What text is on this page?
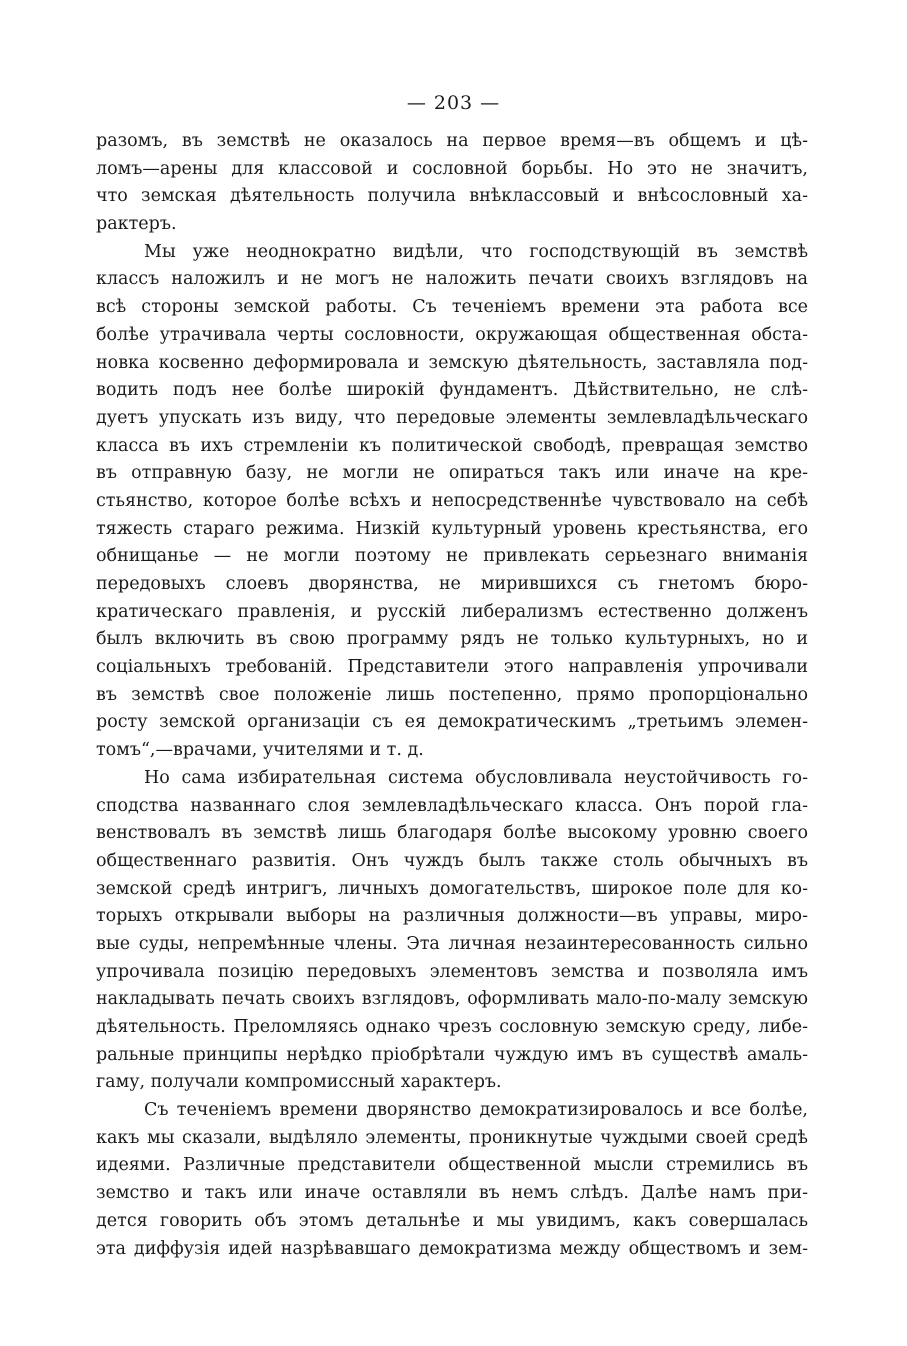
— 203 —
разомъ, въ земствѣ не оказалось на первое время—въ общемъ и цѣ-
ломъ—арены для классовой и сословной борьбы. Но это не значитъ,
что земская дѣятельность получила внѣклассовый и внѣсословный ха-
рактеръ.
Мы уже неоднократно видѣли, что господствующій въ земствѣ
классъ наложилъ и не могъ не наложить печати своихъ взглядовъ на
всѣ стороны земской работы. Съ теченіемъ времени эта работа все
болѣе утрачивала черты сословности, окружающая общественная обста-
новка косвенно деформировала и земскую дѣятельность, заставляла под-
водить подъ нее болѣе широкій фундаментъ. Дѣйствительно, не слѣ-
дуетъ упускать изъ виду, что передовые элементы землевладѣльческаго
класса въ ихъ стремленіи къ политической свободѣ, превращая земство
въ отправную базу, не могли не опираться такъ или иначе на кре-
стьянство, которое болѣе всѣхъ и непосредственнѣе чувствовало на себѣ
тяжесть стараго режима. Низкій культурный уровень крестьянства, его
обнищанье — не могли поэтому не привлекать серьезнаго вниманія
передовыхъ слоевъ дворянства, не мирившихся съ гнетомъ бюро-
кратическаго правленія, и русскій либерализмъ естественно долженъ
былъ включить въ свою программу рядъ не только культурныхъ, но и
соціальныхъ требованій. Представители этого направленія упрочивали
въ земствѣ свое положеніе лишь постепенно, прямо пропорціонально
росту земской организаціи съ ея демократическимъ „третьимъ элемен-
томъ“,—врачами, учителями и т. д.
Но сама избирательная система обусловливала неустойчивость го-
сподства названнаго слоя землевладѣльческаго класса. Онъ порой гла-
венствовалъ въ земствѣ лишь благодаря болѣе высокому уровню своего
общественнаго развитія. Онъ чуждъ былъ также столь обычныхъ въ
земской средѣ интригъ, личныхъ домогательствъ, широкое поле для ко-
торыхъ открывали выборы на различныя должности—въ управы, миро-
вые суды, непремѣнные члены. Эта личная незаинтересованность сильно
упрочивала позицію передовыхъ элементовъ земства и позволяла имъ
накладывать печать своихъ взглядовъ, оформливать мало-по-малу земскую
дѣятельность. Преломляясь однако чрезъ сословную земскую среду, либе-
ральные принципы нерѣдко пріобрѣтали чуждую имъ въ существѣ амаль-
гаму, получали компромиссный характеръ.
Съ теченіемъ времени дворянство демократизировалось и все болѣе,
какъ мы сказали, выдѣляло элементы, проникнутые чуждыми своей средѣ
идеями. Различные представители общественной мысли стремились въ
земство и такъ или иначе оставляли въ немъ слѣдъ. Далѣе намъ при-
дется говорить объ этомъ детальнѣе и мы увидимъ, какъ совершалась
эта диффузія идей назрѣвавшаго демократизма между обществомъ и зем-
